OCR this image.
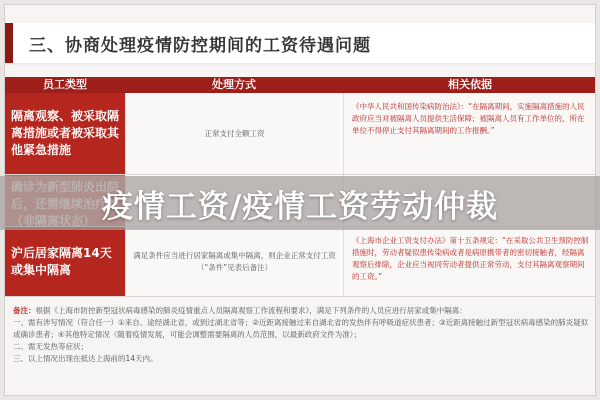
三、协商处理疫情防控期间的工资待遇问题
员工类型	处理方式	相关依据
隔离观察、被采取隔离措施或者被采取其他紧急措施
正常支付全额工资
《中华人民共和国传染病防治法》：“在隔离期间，实施隔离措施的人民政府应当对被隔离人员提供生活保障；被隔离人员有工作单位的，所在单位不得停止支付其隔离期间的工作报酬。”
沪后居家隔离14天或集中隔离
满足条件应当进行居家隔离或集中隔离，则企业正常支付工资（“条件”见表后备注）
《上海市企业工资支付办法》第十五条规定：“在采取公共卫生预防控制措施时，劳动者疑似患传染病或者是病原携带者的密切接触者，经隔离观察后排除，企业应当视同劳动者提供正常劳动，支付其隔离观察期间的工资。”

备注：根据《上海市防控新型冠状病毒感染的肺炎疫情重点人员隔离观察工作流程和要求》，满足下列条件的人员应进行居家或集中隔离：

一、需有涉写情况（符合任一）①来自、途经湖北省，或到过湖北省等；②近距离接触过来自湖北省的发热伴有呼吸道症状患者；③近距离接触过新型冠状病毒感染的肺炎疑似或确诊患者；④其他特定情况（随着疫情发展，可能会调整需要隔离的人员范围，以最新政府文件为准）；

二、需无发热等症状；

三、以上情况出现在抵达上海前的14天内。

疫情工资/疫情工资劳动仲裁
